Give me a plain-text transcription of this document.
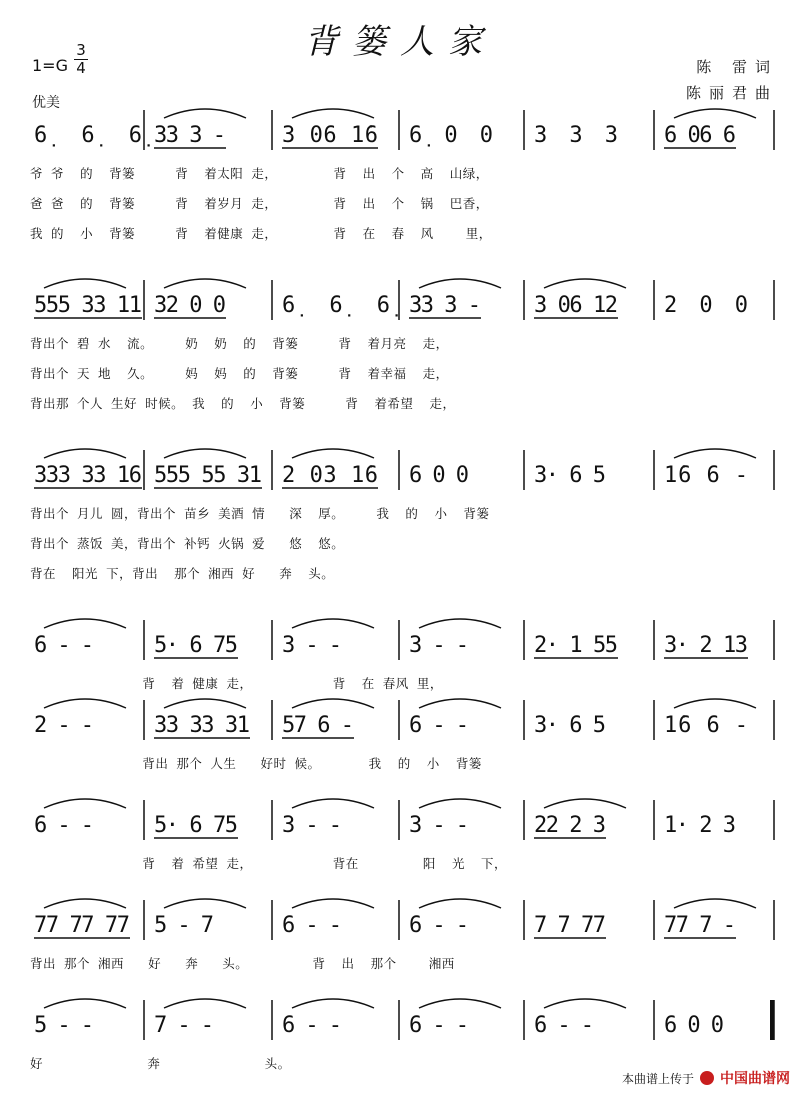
背篓人家
1=G
3
4
优美
陈 雷词
陈丽君曲
6̣ 6̣ 6̣ 33 3 -	3 06 1̇6 6̣ 0 0 3 3 3 6 06 6
爷 爷  的  背篓     背  着太阳 走，       背  出  个  高  山绿，
爸 爸  的  背篓     背  着岁月 走，       背  出  个  锅  巴香，
我 的  小  背篓     背  着健康 走，       背  在  春  风    里，
555 33 11 32 0 0	6̣ 6̣ 6̣ 33 3 - 3 06 12 2 0 0
背出个 碧 水  流。    奶  奶  的  背篓     背  着月亮  走，
背出个 天 地  久。    妈  妈  的  背篓     背  着幸福  走，
背出那 个人 生好 时候。 我  的  小  背篓     背  着希望  走，
333 33 16 555 55 31 2 03 1̇6 6 0 0	3· 6 5	1̇6 6 -
背出个 月儿 圆，背出个 苗乡 美酒 情   深  厚。    我  的  小  背篓
背出个 蒸饭 美，背出个 补钙 火锅 爱   悠  悠。
背在  阳光 下，背出  那个 湘西 好   奔  头。
6 - -	5· 6 75 3 - -	3 - -	2· 1 55 3· 2 13
背  着 健康 走，          背  在 春风 里，
2 - -	33 33 31 57 6 -	6 - -	3· 6 5	1̇6 6 -
背出 那个 人生   好时 候。      我  的  小  背篓
6 - -	5· 6 75 3 - -	3 - -	22 2 3	1· 2 3
背  着 希望 走，          背在        阳  光  下，
77 77 77 5 - 7	6 - -	6 - -	7 7 77	77 7 -
背出 那个 湘西   好   奔   头。        背  出  那个    湘西
5 - -	7 - -	6 - -	6 - -	6 - -	6 0 0
好             奔             头。
本曲谱上传于 中国曲谱网
